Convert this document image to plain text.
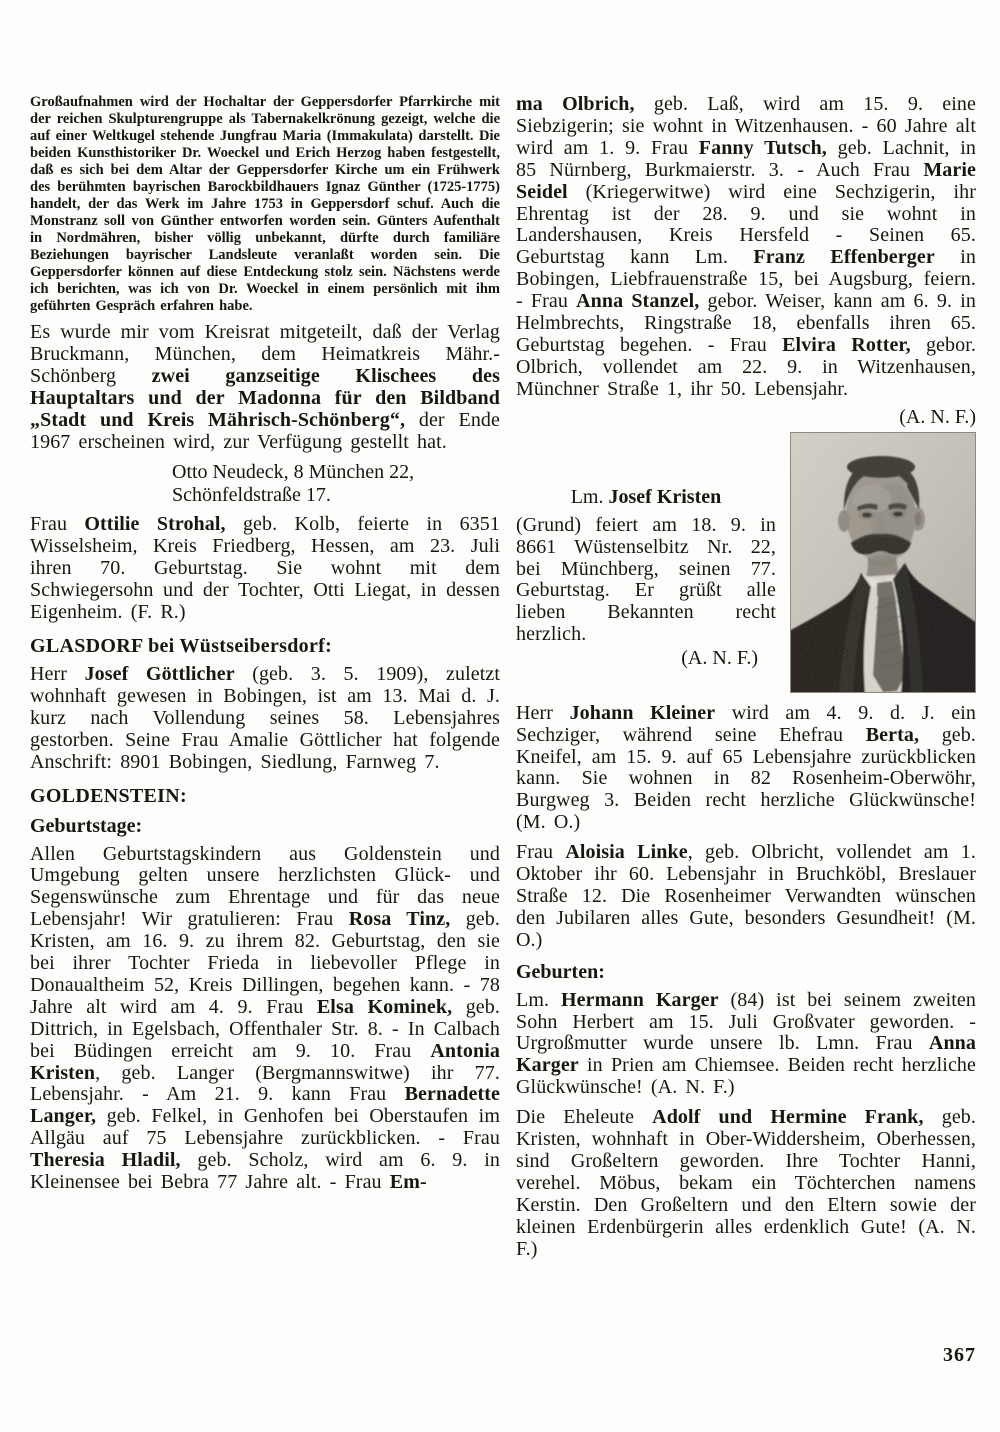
Großaufnahmen wird der Hochaltar der Geppersdorfer Pfarrkirche mit der reichen Skulpturengruppe als Tabernakelkrönung gezeigt, welche die auf einer Weltkugel stehende Jungfrau Maria (Immakulata) darstellt. Die beiden Kunsthistoriker Dr. Woeckel und Erich Herzog haben festgestellt, daß es sich bei dem Altar der Geppersdorfer Kirche um ein Frühwerk des berühmten bayrischen Barockbildhauers Ignaz Günther (1725-1775) handelt, der das Werk im Jahre 1753 in Geppersdorf schuf. Auch die Monstranz soll von Günther entworfen worden sein. Günters Aufenthalt in Nordmähren, bisher völlig unbekannt, dürfte durch familiäre Beziehungen bayrischer Landsleute veranlaßt worden sein. Die Geppersdorfer können auf diese Entdeckung stolz sein. Nächstens werde ich berichten, was ich von Dr. Woeckel in einem persönlich mit ihm geführten Gespräch erfahren habe.

Es wurde mir vom Kreisrat mitgeteilt, daß der Verlag Bruckmann, München, dem Heimatkreis Mähr.-Schönberg zwei ganzseitige Klischees des Hauptaltars und der Madonna für den Bildband „Stadt und Kreis Mährisch-Schönberg“, der Ende 1967 erscheinen wird, zur Verfügung gestellt hat.

Otto Neudeck, 8 München 22,
Schönfeldstraße 17.

Frau Ottilie Strohal, geb. Kolb, feierte in 6351 Wisselsheim, Kreis Friedberg, Hessen, am 23. Juli ihren 70. Geburtstag. Sie wohnt mit dem Schwiegersohn und der Tochter, Otti Liegat, in dessen Eigenheim. (F. R.)

GLASDORF bei Wüstseibersdorf:

Herr Josef Göttlicher (geb. 3. 5. 1909), zuletzt wohnhaft gewesen in Bobingen, ist am 13. Mai d. J. kurz nach Vollendung seines 58. Lebensjahres gestorben. Seine Frau Amalie Göttlicher hat folgende Anschrift: 8901 Bobingen, Siedlung, Farnweg 7.

GOLDENSTEIN:
Geburtstage:

Allen Geburtstagskindern aus Goldenstein und Umgebung gelten unsere herzlichsten Glück- und Segenswünsche zum Ehrentage und für das neue Lebensjahr! Wir gratulieren: Frau Rosa Tinz, geb. Kristen, am 16. 9. zu ihrem 82. Geburtstag, den sie bei ihrer Tochter Frieda in liebevoller Pflege in Donaualtheim 52, Kreis Dillingen, begehen kann. - 78 Jahre alt wird am 4. 9. Frau Elsa Kominek, geb. Dittrich, in Egelsbach, Offenthaler Str. 8. - In Calbach bei Büdingen erreicht am 9. 10. Frau Antonia Kristen, geb. Langer (Bergmannswitwe) ihr 77. Lebensjahr. - Am 21. 9. kann Frau Bernadette Langer, geb. Felkel, in Genhofen bei Oberstaufen im Allgäu auf 75 Lebensjahre zurückblicken. - Frau Theresia Hladil, geb. Scholz, wird am 6. 9. in Kleinensee bei Bebra 77 Jahre alt. - Frau Em-

ma Olbrich, geb. Laß, wird am 15. 9. eine Siebzigerin; sie wohnt in Witzenhausen. - 60 Jahre alt wird am 1. 9. Frau Fanny Tutsch, geb. Lachnit, in 85 Nürnberg, Burkmaierstr. 3. - Auch Frau Marie Seidel (Kriegerwitwe) wird eine Sechzigerin, ihr Ehrentag ist der 28. 9. und sie wohnt in Landershausen, Kreis Hersfeld - Seinen 65. Geburtstag kann Lm. Franz Effenberger in Bobingen, Liebfrauenstraße 15, bei Augsburg, feiern. - Frau Anna Stanzel, gebor. Weiser, kann am 6. 9. in Helmbrechts, Ringstraße 18, ebenfalls ihren 65. Geburtstag begehen. - Frau Elvira Rotter, gebor. Olbrich, vollendet am 22. 9. in Witzenhausen, Münchner Straße 1, ihr 50. Lebensjahr.

(A. N. F.)
Lm. Josef Kristen

(Grund) feiert am 18. 9. in 8661 Wüstenselbitz Nr. 22, bei Münchberg, seinen 77. Geburtstag. Er grüßt alle lieben Bekannten recht herzlich.

(A. N. F.)

Herr Johann Kleiner wird am 4. 9. d. J. ein Sechziger, während seine Ehefrau Berta, geb. Kneifel, am 15. 9. auf 65 Lebensjahre zurückblicken kann. Sie wohnen in 82 Rosenheim-Oberwöhr, Burgweg 3. Beiden recht herzliche Glückwünsche! (M. O.)

Frau Aloisia Linke, geb. Olbricht, vollendet am 1. Oktober ihr 60. Lebensjahr in Bruchköbl, Breslauer Straße 12. Die Rosenheimer Verwandten wünschen den Jubilaren alles Gute, besonders Gesundheit! (M. O.)

Geburten:

Lm. Hermann Karger (84) ist bei seinem zweiten Sohn Herbert am 15. Juli Großvater geworden. - Urgroßmutter wurde unsere lb. Lmn. Frau Anna Karger in Prien am Chiemsee. Beiden recht herzliche Glückwünsche! (A. N. F.)

Die Eheleute Adolf und Hermine Frank, geb. Kristen, wohnhaft in Ober-Widdersheim, Oberhessen, sind Großeltern geworden. Ihre Tochter Hanni, verehel. Möbus, bekam ein Töchterchen namens Kerstin. Den Großeltern und den Eltern sowie der kleinen Erdenbürgerin alles erdenklich Gute! (A. N. F.)

367
